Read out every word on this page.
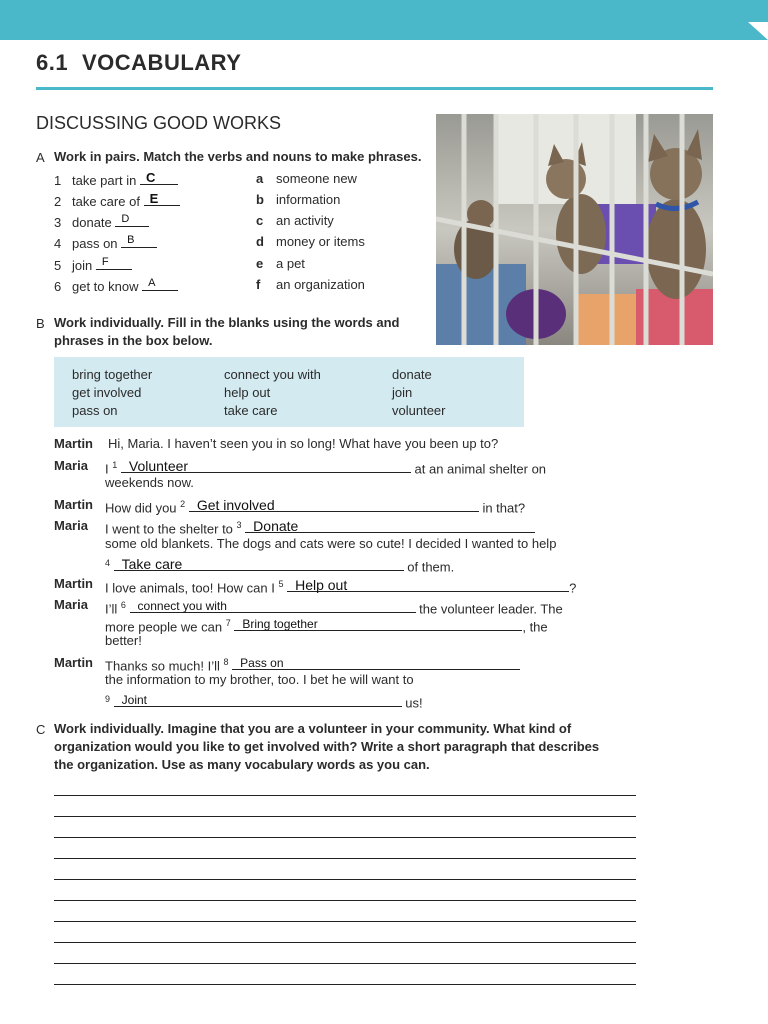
6.1 VOCABULARY
DISCUSSING GOOD WORKS
A Work in pairs. Match the verbs and nouns to make phrases.
1 take part in C
2 take care of E
3 donate D
4 pass on B
5 join F
6 get to know A
a someone new
b information
c an activity
d money or items
e a pet
f an organization
B Work individually. Fill in the blanks using the words and
phrases in the box below.
bring together	connect you with	donate
get involved	help out	join
pass on	take care	volunteer
Martin Hi, Maria. I haven’t seen you in so long! What have you been up to?
Maria I $^1$ Volunteer	at an animal shelter on
weekends now.
Martin How did you $^2$ Get involved	in that?
Maria I went to the shelter to $^3$ Donate
some old blankets. The dogs and cats were so cute! I decided I wanted to help
$^4$ Take care	of them.
Martin I love animals, too! How can I $^5$ Help out	?
Maria I’ll $^6$ connect you with	the volunteer leader. The
more people we can $^7$ Bring together	, the
better!
Martin Thanks so much! I’ll $^8$ Pass on
the information to my brother, too. I bet he will want to
$^9$ Joint	us!
C Work individually. Imagine that you are a volunteer in your community. What kind of
organization would you like to get involved with? Write a short paragraph that describes
the organization. Use as many vocabulary words as you can.
